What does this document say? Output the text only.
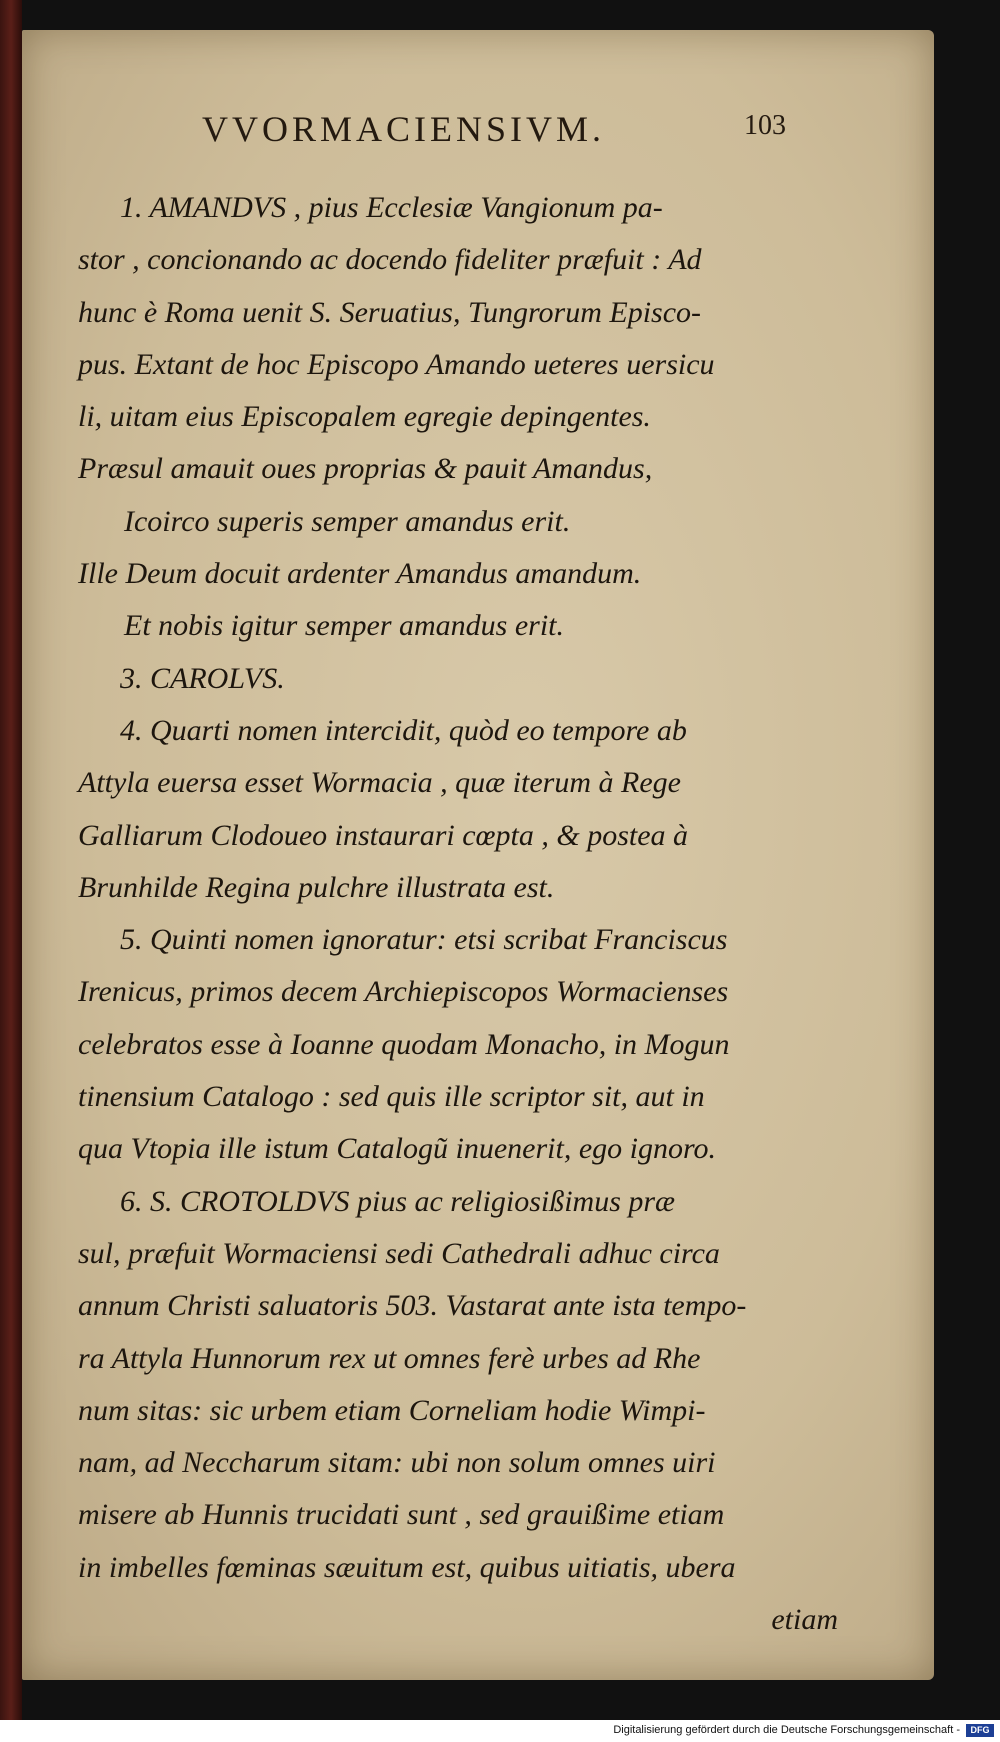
VVORMACIENSIVM.	103
1. AMANDVS , pius Ecclesiæ Vangionum pa-
stor , concionando ac docendo fideliter præfuit : Ad
hunc è Roma uenit S. Seruatius, Tungrorum Episco-
pus. Extant de hoc Episcopo Amando ueteres uersicu
li, uitam eius Episcopalem egregie depingentes.
Præsul amauit oues proprias & pauit Amandus,
Icoirco superis semper amandus erit.
Ille Deum docuit ardenter Amandus amandum.
Et nobis igitur semper amandus erit.
3. CAROLVS.
4. Quarti nomen intercidit, quòd eo tempore ab
Attyla euersa esset Wormacia , quæ iterum à Rege
Galliarum Clodoueo instaurari cœpta , & postea à
Brunhilde Regina pulchre illustrata est.
5. Quinti nomen ignoratur: etsi scribat Franciscus
Irenicus, primos decem Archiepiscopos Wormacienses
celebratos esse à Ioanne quodam Monacho, in Mogun
tinensium Catalogo : sed quis ille scriptor sit, aut in
qua Vtopia ille istum Catalogũ inuenerit, ego ignoro.
6. S. CROTOLDVS pius ac religiosißimus præ
sul, præfuit Wormaciensi sedi Cathedrali adhuc circa
annum Christi saluatoris 503. Vastarat ante ista tempo-
ra Attyla Hunnorum rex ut omnes ferè urbes ad Rhe
num sitas: sic urbem etiam Corneliam hodie Wimpi-
nam, ad Neccharum sitam: ubi non solum omnes uiri
misere ab Hunnis trucidati sunt , sed grauißime etiam
in imbelles fœminas sæuitum est, quibus uitiatis, ubera
etiam
Digitalisierung gefördert durch die Deutsche Forschungsgemeinschaft -	DFG
